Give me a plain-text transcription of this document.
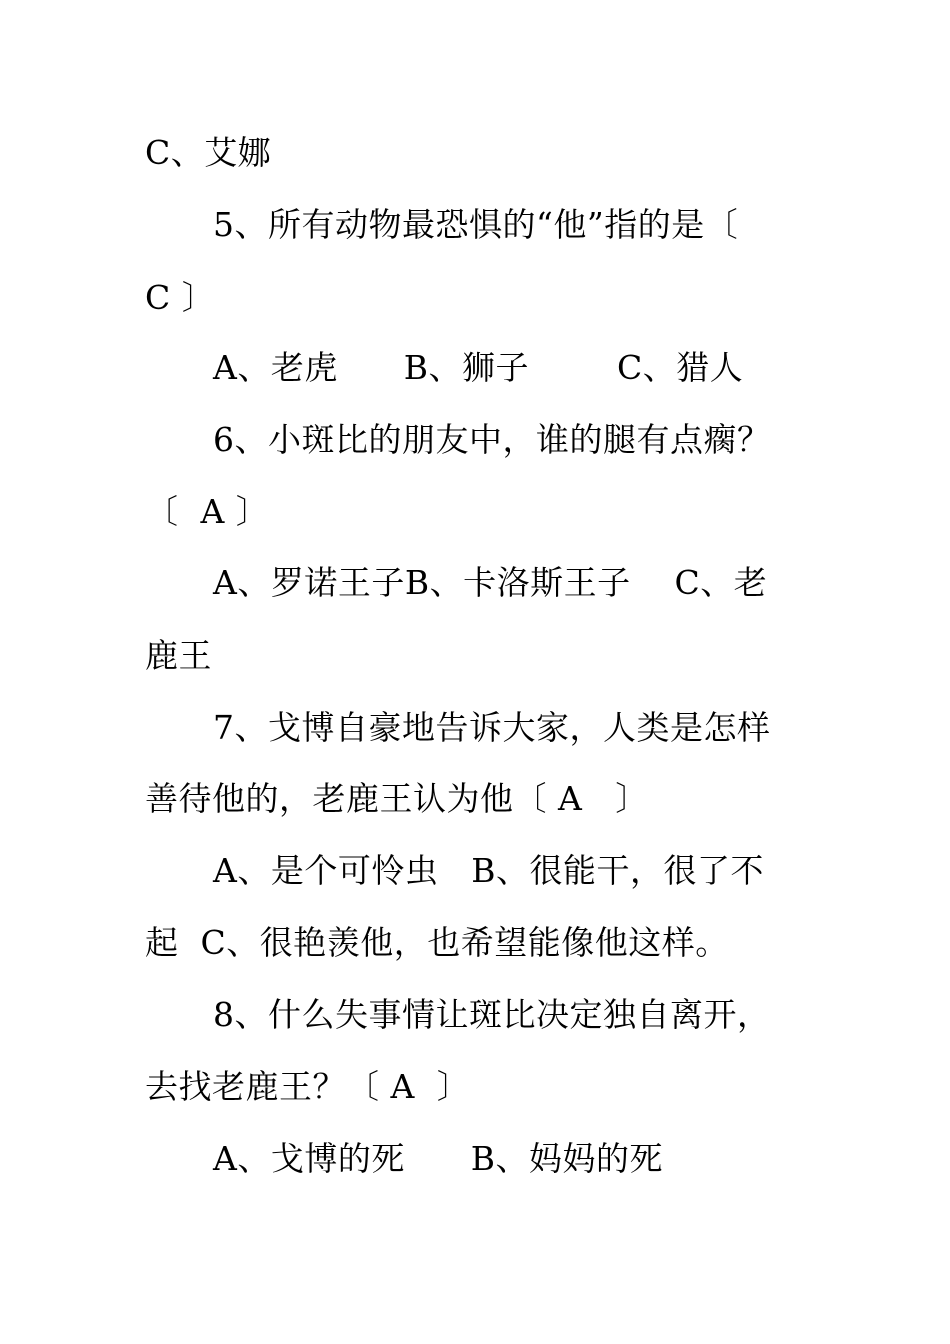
C、艾娜
5、所有动物最恐惧的“他”指的是〔
C 〕
A、老虎      B、狮子        C、猎人
6、小斑比的朋友中，谁的腿有点瘸？
〔  A 〕
A、罗诺王子B、卡洛斯王子    C、老
鹿王
7、戈博自豪地告诉大家，人类是怎样
善待他的，老鹿王认为他〔 A   〕
A、是个可怜虫   B、很能干，很了不
起  C、很艳羡他，也希望能像他这样。
8、什么失事情让斑比决定独自离开，
去找老鹿王？〔 A  〕
A、戈博的死      B、妈妈的死
